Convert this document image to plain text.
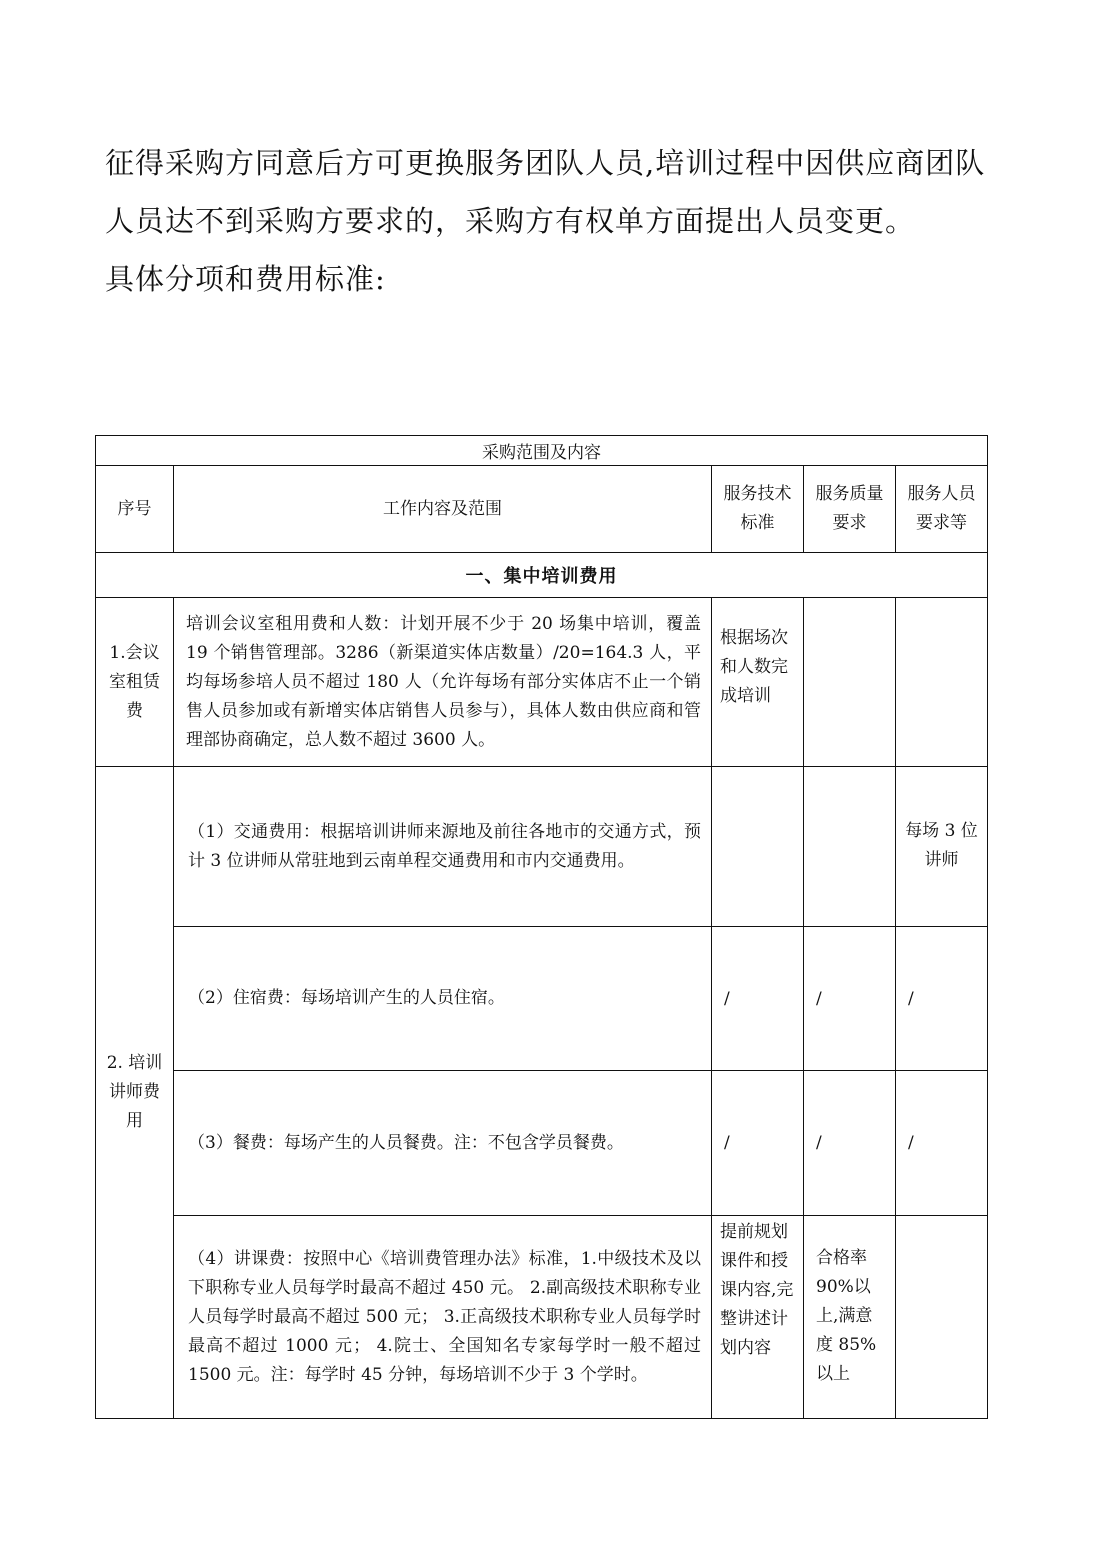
征得采购方同意后方可更换服务团队人员,培训过程中因供应商团队人员达不到采购方要求的，采购方有权单方面提出人员变更。

具体分项和费用标准:

采购范围及内容				
序号	工作内容及范围	服务技术标准	服务质量要求	服务人员要求等
一、集中培训费用				
1.会议室租赁费	培训会议室租用费和人数：计划开展不少于 20 场集中培训，覆盖 19 个销售管理部。3286（新渠道实体店数量）/20=164.3 人，平均每场参培人员不超过 180 人（允许每场有部分实体店不止一个销售人员参加或有新增实体店销售人员参与），具体人数由供应商和管理部协商确定，总人数不超过 3600 人。	根据场次和人数完成培训		
2. 培训讲师费用	（1）交通费用：根据培训讲师来源地及前往各地市的交通方式，预计 3 位讲师从常驻地到云南单程交通费用和市内交通费用。			每场 3 位讲师
	（2）住宿费：每场培训产生的人员住宿。	/	/	/
	（3）餐费：每场产生的人员餐费。注：不包含学员餐费。	/	/	/
	（4）讲课费：按照中心《培训费管理办法》标准，1.中级技术及以下职称专业人员每学时最高不超过 450 元。 2.副高级技术职称专业人员每学时最高不超过 500 元； 3.正高级技术职称专业人员每学时最高不超过 1000 元； 4.院士、全国知名专家每学时一般不超过 1500 元。注：每学时 45 分钟，每场培训不少于 3 个学时。	提前规划课件和授课内容,完整讲述计划内容	合格率 90%以上,满意度 85%以上	
